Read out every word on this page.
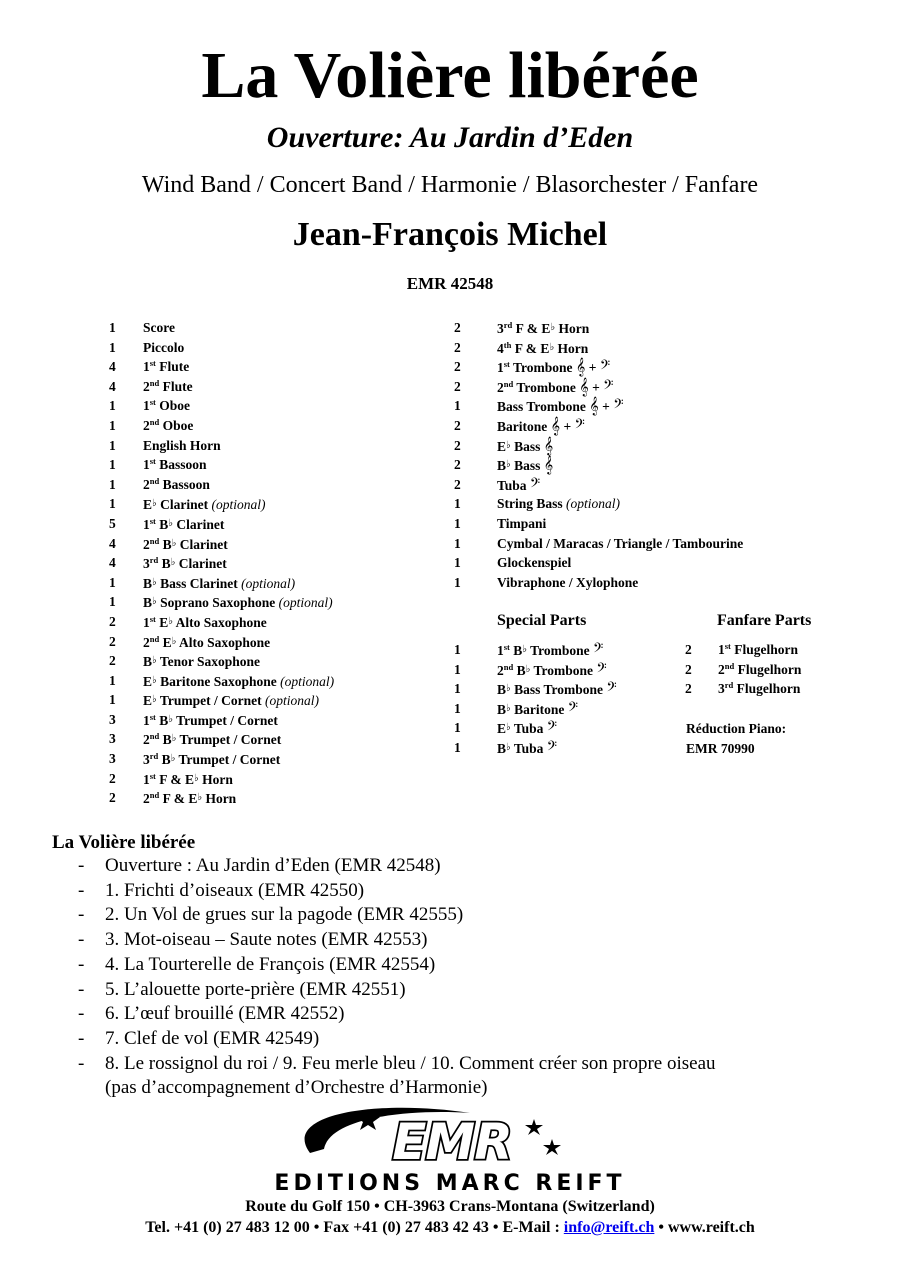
La Volière libérée
Ouverture: Au Jardin d’Eden
Wind Band / Concert Band / Harmonie / Blasorchester / Fanfare
Jean-François Michel
EMR 42548
1 Score
1 Piccolo
4 1st Flute
4 2nd Flute
1 1st Oboe
1 2nd Oboe
1 English Horn
1 1st Bassoon
1 2nd Bassoon
1 E♭ Clarinet (optional)
5 1st B♭ Clarinet
4 2nd B♭ Clarinet
4 3rd B♭ Clarinet
1 B♭ Bass Clarinet (optional)
1 B♭ Soprano Saxophone (optional)
2 1st E♭ Alto Saxophone
2 2nd E♭ Alto Saxophone
2 B♭ Tenor Saxophone
1 E♭ Baritone Saxophone (optional)
1 E♭ Trumpet / Cornet (optional)
3 1st B♭ Trumpet / Cornet
3 2nd B♭ Trumpet / Cornet
3 3rd B♭ Trumpet / Cornet
2 1st F & E♭ Horn
2 2nd F & E♭ Horn
2	3rd F & E♭ Horn
2	4th F & E♭ Horn
2	1st Trombone 𝄞 + 𝄢
2	2nd Trombone 𝄞 + 𝄢
1	Bass Trombone 𝄞 + 𝄢
2	Baritone 𝄞 + 𝄢
2	E♭ Bass 𝄞
2	B♭ Bass 𝄞
2	Tuba 𝄢
1	String Bass (optional)
1	Timpani
1	Cymbal / Maracas / Triangle / Tambourine
1	Glockenspiel
1	Vibraphone / Xylophone
Special Parts
1	1st B♭ Trombone 𝄢
1	2nd B♭ Trombone 𝄢
1	B♭ Bass Trombone 𝄢
1	B♭ Baritone 𝄢
1	E♭ Tuba 𝄢
1	B♭ Tuba 𝄢
Fanfare Parts
2 1st Flugelhorn
2 2nd Flugelhorn
2 3rd Flugelhorn
Réduction Piano:
EMR 70990
La Volière libérée
- Ouverture : Au Jardin d’Eden (EMR 42548)
- 1. Frichti d’oiseaux (EMR 42550)
- 2. Un Vol de grues sur la pagode (EMR 42555)
- 3. Mot-oiseau – Saute notes (EMR 42553)
- 4. La Tourterelle de François (EMR 42554)
- 5. L’alouette porte-prière (EMR 42551)
- 6. L’œuf brouillé (EMR 42552)
- 7. Clef de vol (EMR 42549)
- 8. Le rossignol du roi / 9. Feu merle bleu / 10. Comment créer son propre oiseau
(pas d’accompagnement d’Orchestre d’Harmonie)
EMR
EDITIONS MARC REIFT
Route du Golf 150 • CH-3963 Crans-Montana (Switzerland)
Tel. +41 (0) 27 483 12 00 • Fax +41 (0) 27 483 42 43 • E-Mail : info@reift.ch • www.reift.ch
